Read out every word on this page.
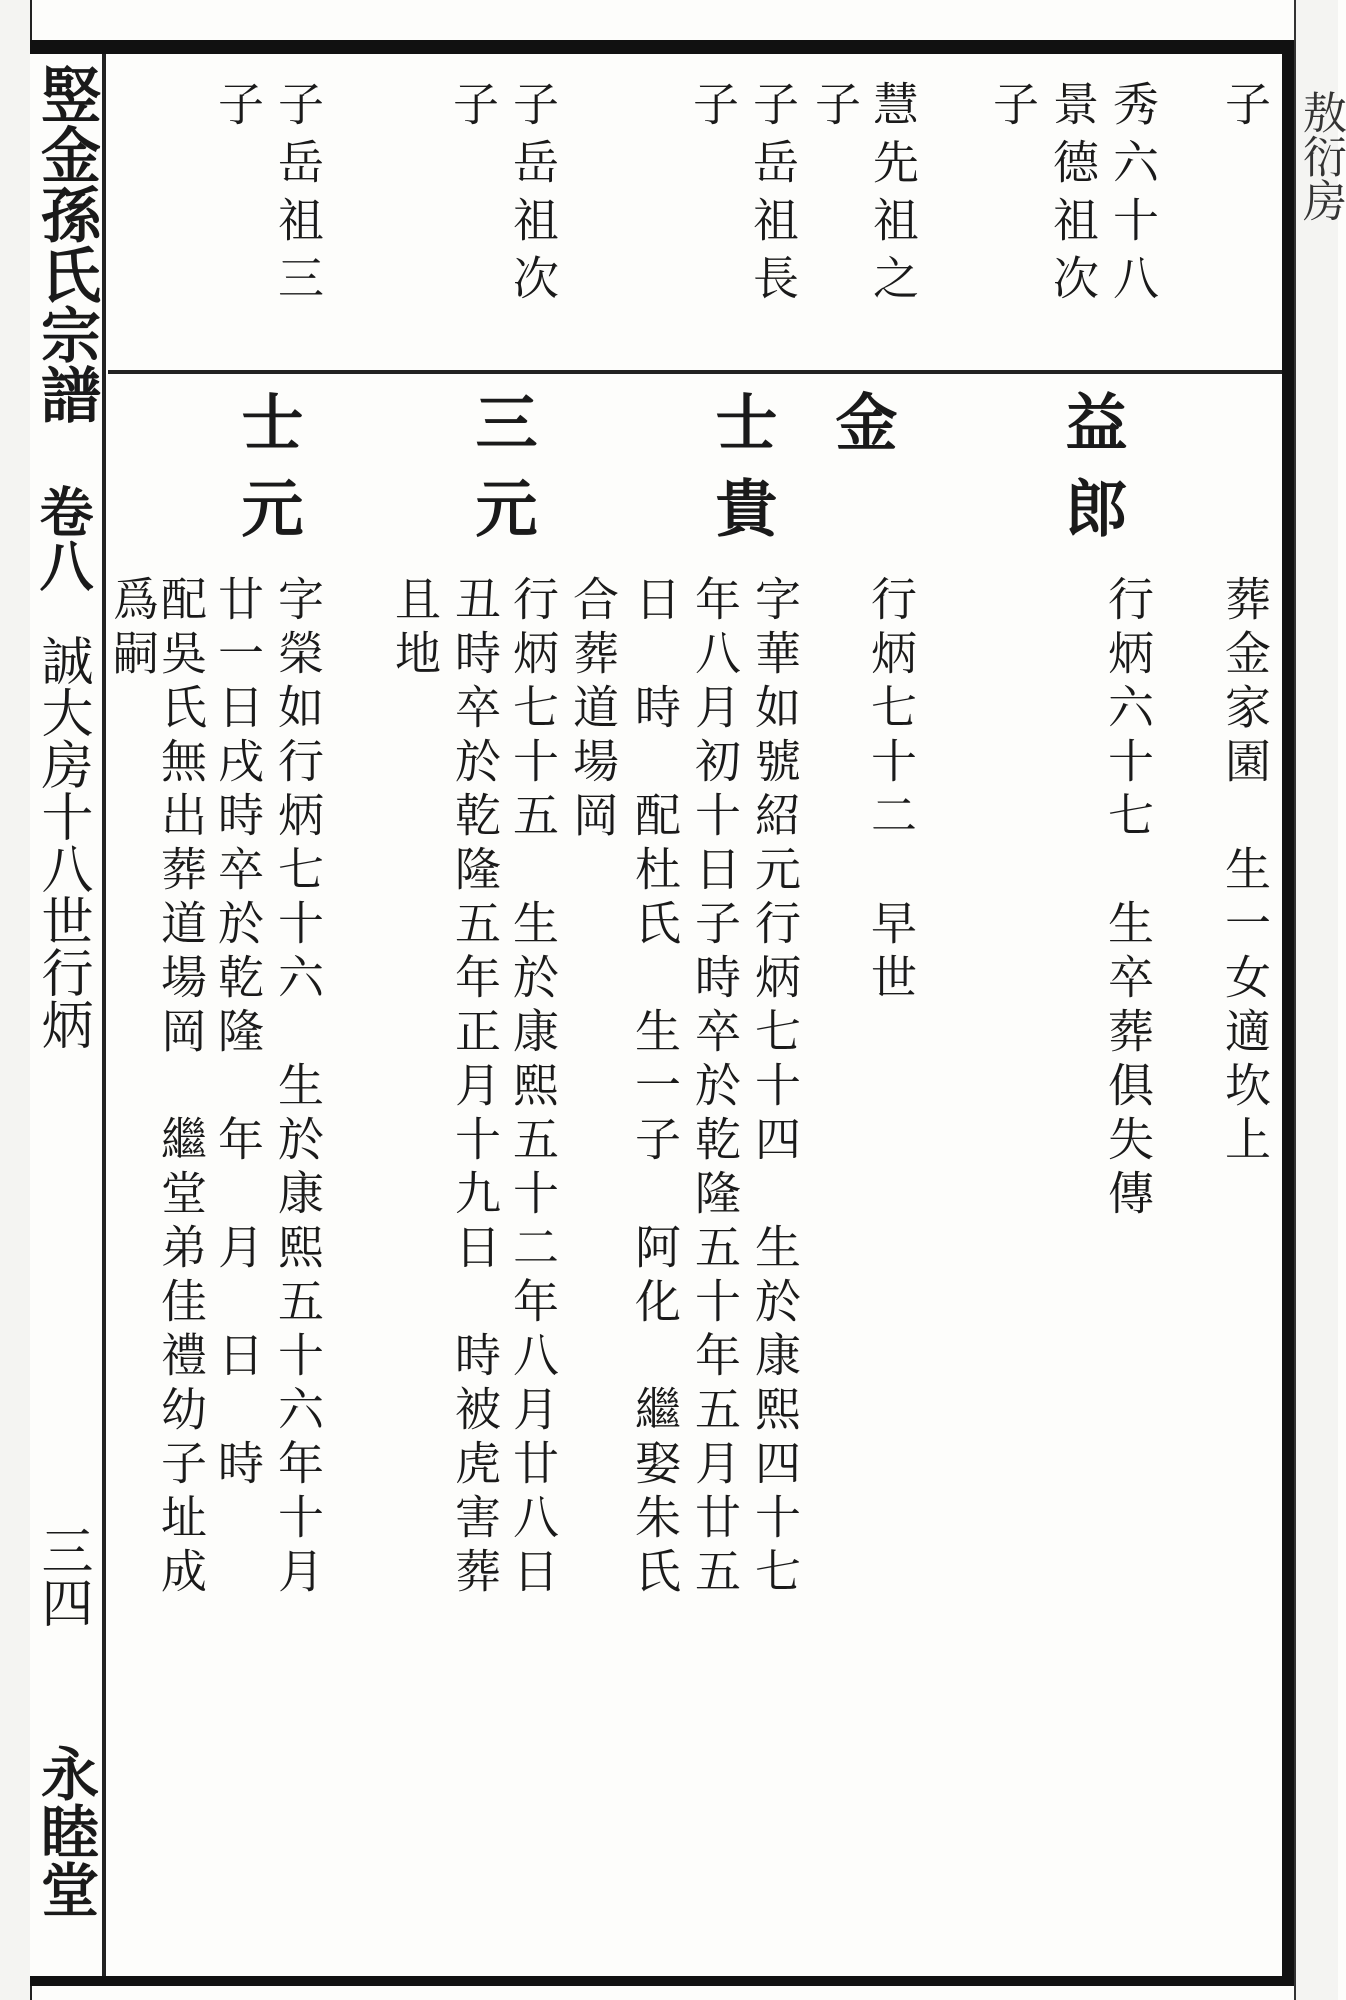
敖衍房
竪金孫氏宗譜
卷八
誠大房十八世行炳
三四
永睦堂
子
秀六十八
景德祖次
子
慧先祖之
子
子岳祖長
子
子岳祖次
子
子岳祖三
子
葬金家園　生一女適坎上
益郎
行炳六十七　生卒葬俱失傳
金
行炳七十二　早世
士貴
字華如號紹元行炳七十四　生於康熙四十七
年八月初十日子時卒於乾隆五十年五月廿五
日　時　配杜氏　生一子　阿化　繼娶朱氏
三元
合葬道場岡
行炳七十五　生於康熙五十二年八月廿八日
丑時卒於乾隆五年正月十九日　時被虎害葬
且地
士元
字榮如行炳七十六　生於康熙五十六年十月
廿一日戌時卒於乾隆　年　月　日　時
配吳氏無出葬道場岡　繼堂弟佳禮幼子址成
爲嗣
